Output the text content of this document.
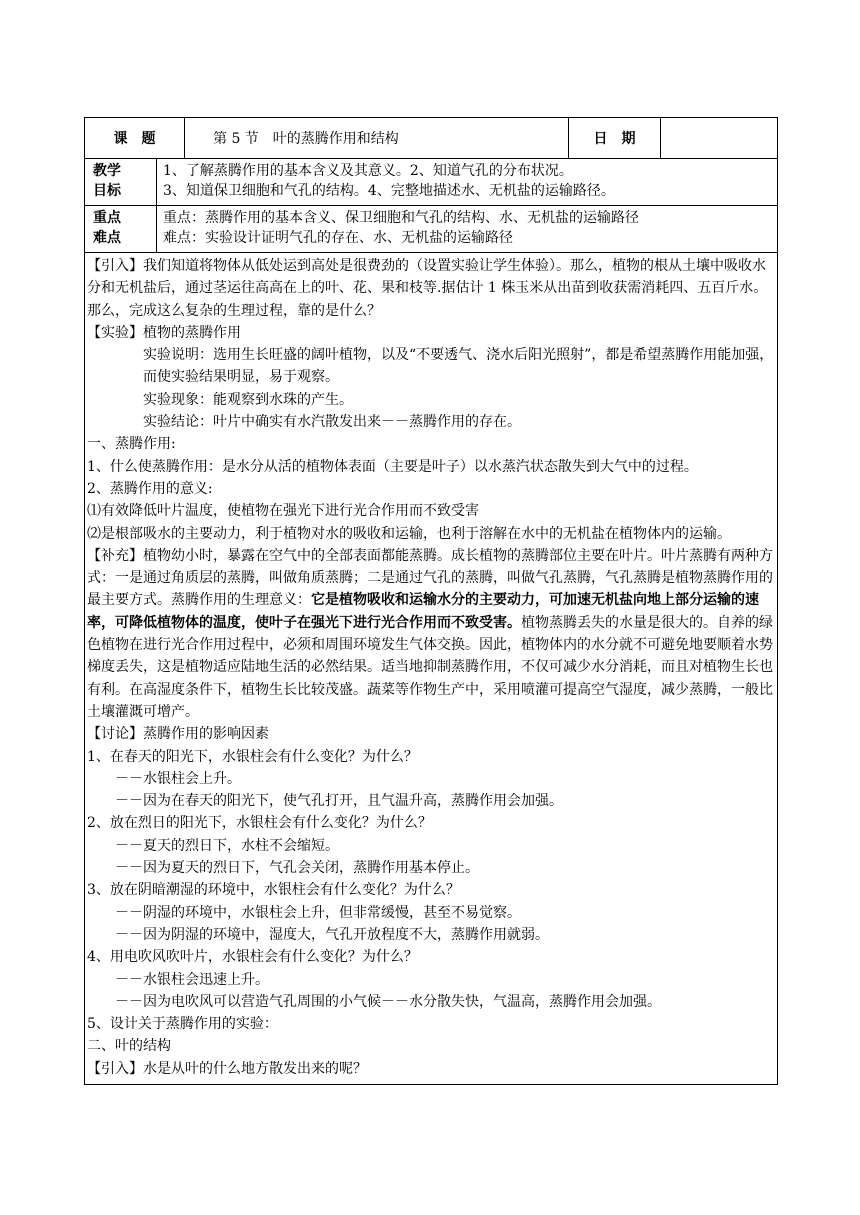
课　题	第 5 节　叶的蒸腾作用和结构	日　期
教学
目标
1、了解蒸腾作用的基本含义及其意义。2、知道气孔的分布状况。
3、知道保卫细胞和气孔的结构。4、完整地描述水、无机盐的运输路径。
重点
难点
重点：蒸腾作用的基本含义、保卫细胞和气孔的结构、水、无机盐的运输路径
难点：实验设计证明气孔的存在、水、无机盐的运输路径

【引入】我们知道将物体从低处运到高处是很费劲的（设置实验让学生体验）。那么，植物的根从土壤中吸收水分和无机盐后，通过茎运往高高在上的叶、花、果和枝等.据估计 1 株玉米从出苗到收获需消耗四、五百斤水。那么，完成这么复杂的生理过程，靠的是什么？

【实验】植物的蒸腾作用

实验说明：选用生长旺盛的阔叶植物，以及“不要透气、浇水后阳光照射”，都是希望蒸腾作用能加强，而使实验结果明显，易于观察。

实验现象：能观察到水珠的产生。

实验结论：叶片中确实有水汽散发出来－－蒸腾作用的存在。

一、蒸腾作用:

1、什么使蒸腾作用：是水分从活的植物体表面（主要是叶子）以水蒸汽状态散失到大气中的过程。

2、蒸腾作用的意义:

⑴有效降低叶片温度，使植物在强光下进行光合作用而不致受害

⑵是根部吸水的主要动力，利于植物对水的吸收和运输，也利于溶解在水中的无机盐在植物体内的运输。

【补充】植物幼小时，暴露在空气中的全部表面都能蒸腾。成长植物的蒸腾部位主要在叶片。叶片蒸腾有两种方式：一是通过角质层的蒸腾，叫做角质蒸腾；二是通过气孔的蒸腾，叫做气孔蒸腾，气孔蒸腾是植物蒸腾作用的最主要方式。蒸腾作用的生理意义：它是植物吸收和运输水分的主要动力，可加速无机盐向地上部分运输的速率，可降低植物体的温度，使叶子在强光下进行光合作用而不致受害。植物蒸腾丢失的水量是很大的。自养的绿色植物在进行光合作用过程中，必须和周围环境发生气体交换。因此，植物体内的水分就不可避免地要顺着水势梯度丢失，这是植物适应陆地生活的必然结果。适当地抑制蒸腾作用，不仅可减少水分消耗，而且对植物生长也有利。在高湿度条件下，植物生长比较茂盛。蔬菜等作物生产中，采用喷灌可提高空气湿度，减少蒸腾，一般比土壤灌溉可增产。

【讨论】蒸腾作用的影响因素

1、在春天的阳光下，水银柱会有什么变化？为什么？

－－水银柱会上升。

－－因为在春天的阳光下，使气孔打开，且气温升高，蒸腾作用会加强。

2、放在烈日的阳光下，水银柱会有什么变化？为什么？

－－夏天的烈日下，水柱不会缩短。

－－因为夏天的烈日下，气孔会关闭，蒸腾作用基本停止。

3、放在阴暗潮湿的环境中，水银柱会有什么变化？为什么？

－－阴湿的环境中，水银柱会上升，但非常缓慢，甚至不易觉察。

－－因为阴湿的环境中，湿度大，气孔开放程度不大，蒸腾作用就弱。

4、用电吹风吹叶片，水银柱会有什么变化？为什么？

－－水银柱会迅速上升。

－－因为电吹风可以营造气孔周围的小气候－－水分散失快，气温高，蒸腾作用会加强。

5、设计关于蒸腾作用的实验：

二、叶的结构

【引入】水是从叶的什么地方散发出来的呢？
